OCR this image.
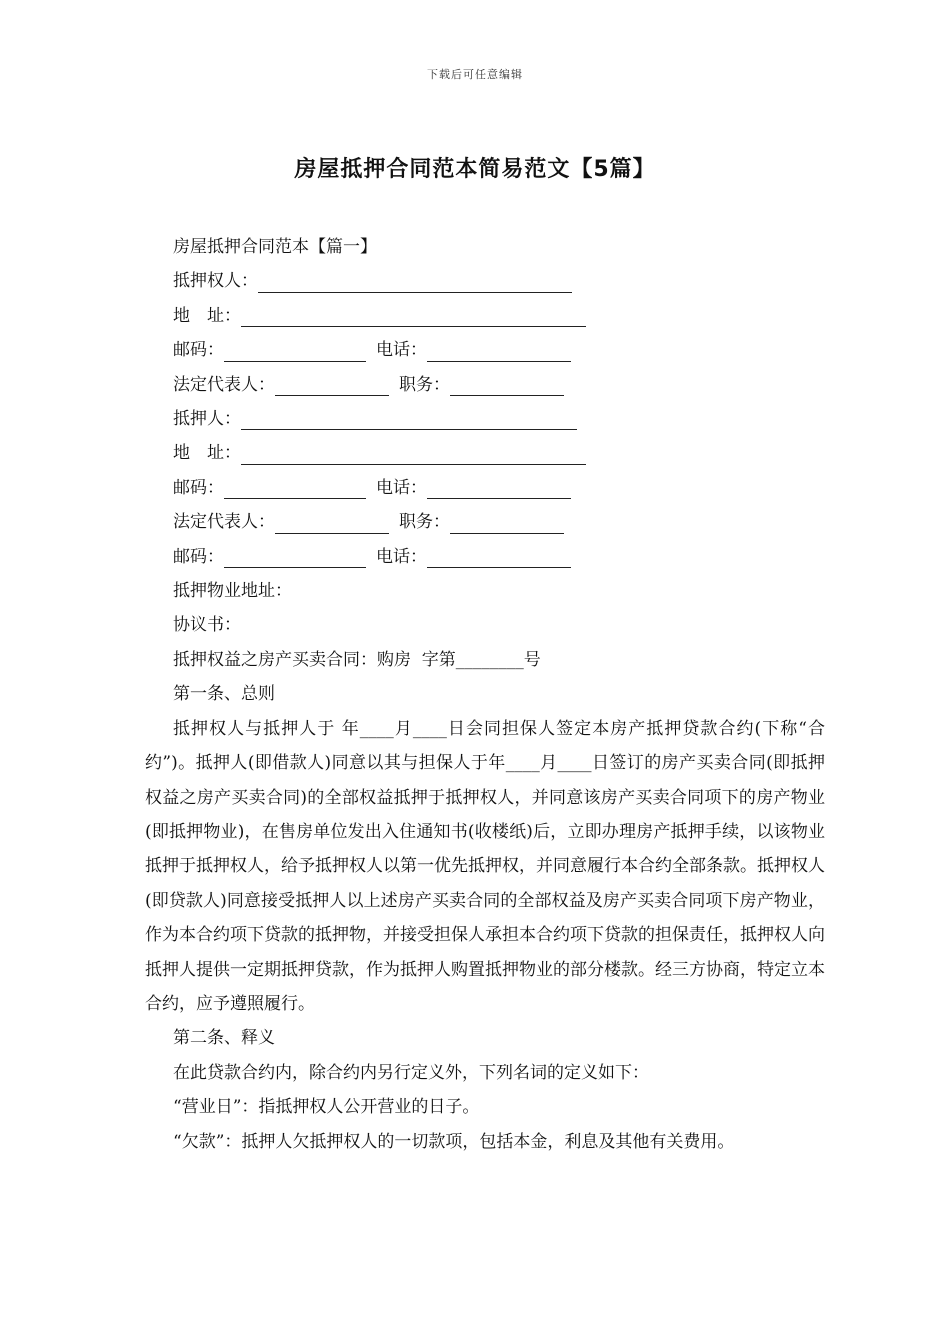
下载后可任意编辑
房屋抵押合同范本简易范文【5篇】
房屋抵押合同范本【篇一】
抵押权人：
地　址：
邮码：	电话：
法定代表人：	职务：
抵押人：
地　址：
邮码：	电话：
法定代表人：	职务：
邮码：	电话：
抵押物业地址：
协议书：
抵押权益之房产买卖合同：购房  字第________号
第一条、总则
抵押权人与抵押人于 年____月____日会同担保人签定本房产抵押贷款合约(下称“合约”)。抵押人(即借款人)同意以其与担保人于年____月____日签订的房产买卖合同(即抵押权益之房产买卖合同)的全部权益抵押于抵押权人，并同意该房产买卖合同项下的房产物业(即抵押物业)，在售房单位发出入住通知书(收楼纸)后，立即办理房产抵押手续，以该物业抵押于抵押权人，给予抵押权人以第一优先抵押权，并同意履行本合约全部条款。抵押权人(即贷款人)同意接受抵押人以上述房产买卖合同的全部权益及房产买卖合同项下房产物业，作为本合约项下贷款的抵押物，并接受担保人承担本合约项下贷款的担保责任，抵押权人向抵押人提供一定期抵押贷款，作为抵押人购置抵押物业的部分楼款。经三方协商，特定立本合约，应予遵照履行。
第二条、释义
在此贷款合约内，除合约内另行定义外，下列名词的定义如下：
“营业日”：指抵押权人公开营业的日子。
“欠款”：抵押人欠抵押权人的一切款项，包括本金，利息及其他有关费用。
